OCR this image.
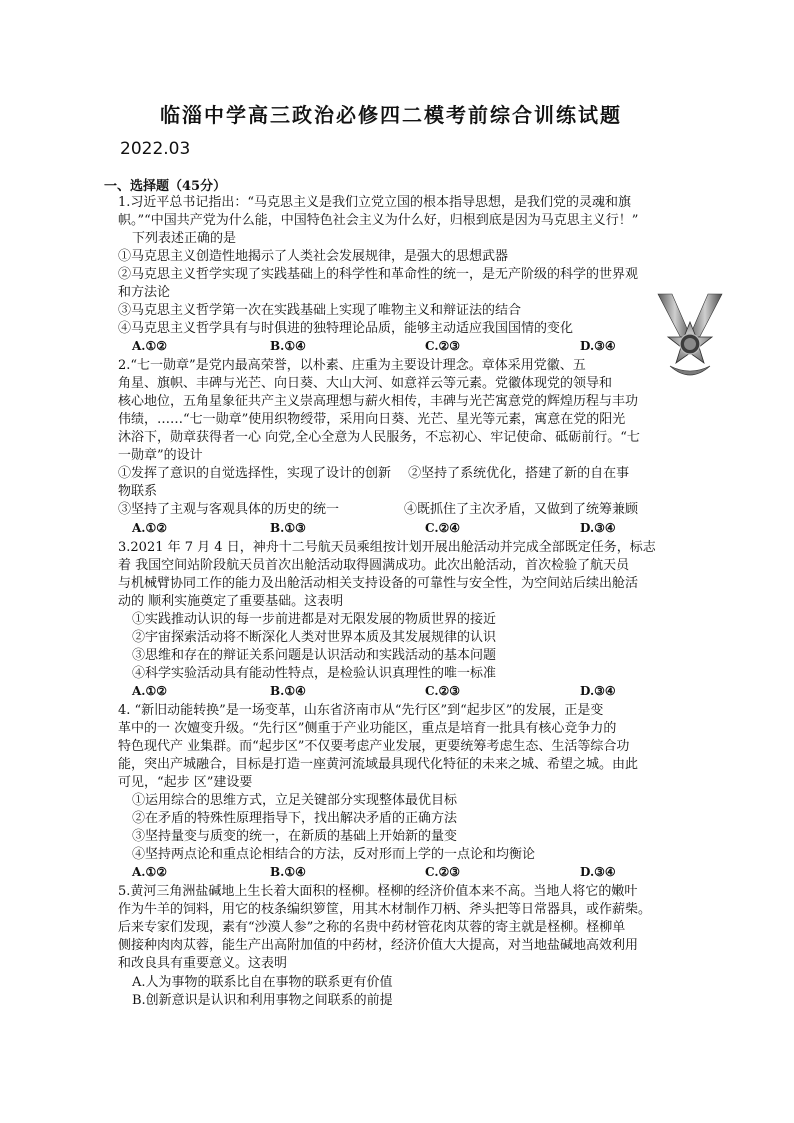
临淄中学高三政治必修四二模考前综合训练试题
2022.03
一、选择题（45分）
1.习近平总书记指出：“马克思主义是我们立党立国的根本指导思想，是我们党的灵魂和旗
帜。”“中国共产党为什么能，中国特色社会主义为什么好，归根到底是因为马克思主义行！”
下列表述正确的是
①马克思主义创造性地揭示了人类社会发展规律，是强大的思想武器
②马克思主义哲学实现了实践基础上的科学性和革命性的统一，是无产阶级的科学的世界观
和方法论
③马克思主义哲学第一次在实践基础上实现了唯物主义和辩证法的结合
④马克思主义哲学具有与时俱进的独特理论品质，能够主动适应我国国情的变化
A.①②	B.①④	C.②③	D.③④
2.“七一勋章”是党内最高荣誉，以朴素、庄重为主要设计理念。章体采用党徽、五
角星、旗帜、丰碑与光芒、向日葵、大山大河、如意祥云等元素。党徽体现党的领导和
核心地位，五角星象征共产主义崇高理想与薪火相传，丰碑与光芒寓意党的辉煌历程与丰功
伟绩，……“七一勋章”使用织物绶带，采用向日葵、光芒、星光等元素，寓意在党的阳光
沐浴下，勋章获得者一心 向党,全心全意为人民服务，不忘初心、牢记使命、砥砺前行。“七
一勋章”的设计
①发挥了意识的自觉选择性，实现了设计的创新　 ②坚持了系统优化，搭建了新的自在事
物联系
③坚持了主观与客观具体的历史的统一　　　　　④既抓住了主次矛盾，又做到了统筹兼顾
A.①②	B.①③	C.②④	D.③④
3.2021 年 7 月 4 日，神舟十二号航天员乘组按计划开展出舱活动并完成全部既定任务，标志
着 我国空间站阶段航天员首次出舱活动取得圆满成功。此次出舱活动，首次检验了航天员
与机械臂协同工作的能力及出舱活动相关支持设备的可靠性与安全性，为空间站后续出舱活
动的 顺利实施奠定了重要基础。这表明
①实践推动认识的每一步前进都是对无限发展的物质世界的接近
②宇宙探索活动将不断深化人类对世界本质及其发展规律的认识
③思维和存在的辩证关系问题是认识活动和实践活动的基本问题
④科学实验活动具有能动性特点，是检验认识真理性的唯一标准
A.①②	B.①④	C.②③	D.③④
4. “新旧动能转换”是一场变革，山东省济南市从“先行区”到“起步区”的发展，正是变
革中的一 次嬗变升级。“先行区”侧重于产业功能区，重点是培育一批具有核心竞争力的
特色现代产 业集群。而“起步区”不仅要考虑产业发展，更要统筹考虑生态、生活等综合功
能，突出产城融合，目标是打造一座黄河流域最具现代化特征的未来之城、希望之城。由此
可见，“起步 区”建设要
①运用综合的思维方式，立足关键部分实现整体最优目标
②在矛盾的特殊性原理指导下，找出解决矛盾的正确方法
③坚持量变与质变的统一，在新质的基础上开始新的量变
④坚持两点论和重点论相结合的方法，反对形而上学的一点论和均衡论
A.①②	B.①④	C.②③	D.③④
5.黄河三角洲盐碱地上生长着大面积的柽柳。柽柳的经济价值本来不高。当地人将它的嫩叶
作为牛羊的饲料，用它的枝条编织箩筐，用其木材制作刀柄、斧头把等日常器具，或作薪柴。
后来专家们发现，素有“沙漠人参”之称的名贵中药材管花肉苁蓉的寄主就是柽柳。柽柳单
侧接种肉肉苁蓉，能生产出高附加值的中药材，经济价值大大提高，对当地盐碱地高效利用
和改良具有重要意义。这表明
A.人为事物的联系比自在事物的联系更有价值
B.创新意识是认识和利用事物之间联系的前提
